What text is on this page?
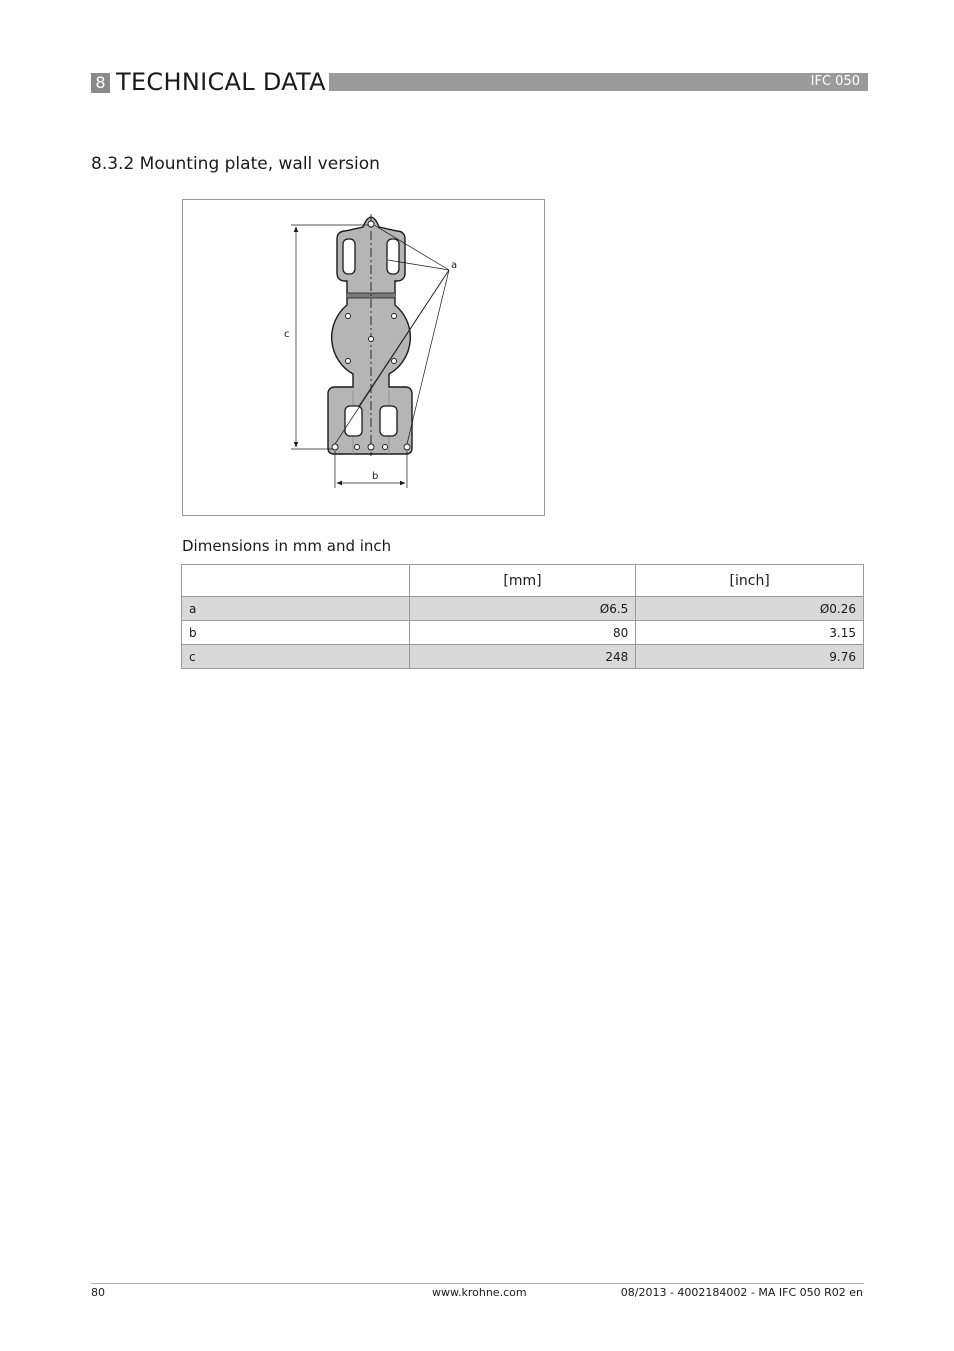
8 TECHNICAL DATA	IFC 050
8.3.2 Mounting plate, wall version
a
c
b
Dimensions in mm and inch
	[mm]	[inch]
a	Ø6.5	Ø0.26
b	80	3.15
c	248	9.76
80	www.krohne.com	08/2013 - 4002184002 - MA IFC 050 R02 en
